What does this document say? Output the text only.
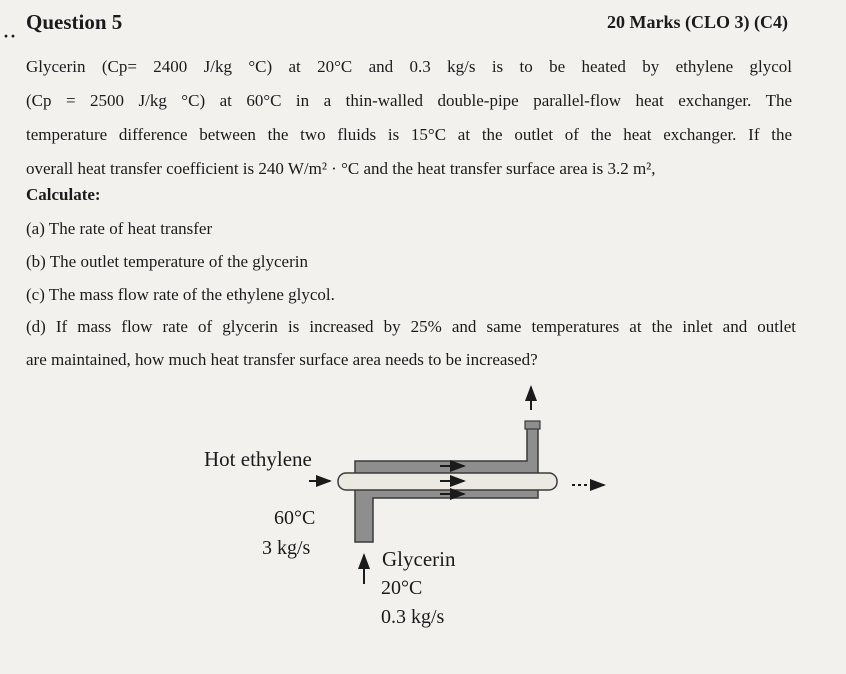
··
Question 5	20 Marks (CLO 3) (C4)
Glycerin (Cp= 2400 J/kg °C) at 20°C and 0.3 kg/s is to be heated by ethylene glycol
(Cp = 2500 J/kg °C) at 60°C in a thin-walled double-pipe parallel-flow heat exchanger. The
temperature difference between the two fluids is 15°C at the outlet of the heat exchanger. If the
overall heat transfer coefficient is 240 W/m² · °C and the heat transfer surface area is 3.2 m²,
Calculate:
(a) The rate of heat transfer
(b) The outlet temperature of the glycerin
(c) The mass flow rate of the ethylene glycol.
(d) If mass flow rate of glycerin is increased by 25% and same temperatures at the inlet and outlet
are maintained, how much heat transfer surface area needs to be increased?
Hot ethylene
60°C
3 kg/s	Glycerin
20°C
0.3 kg/s
